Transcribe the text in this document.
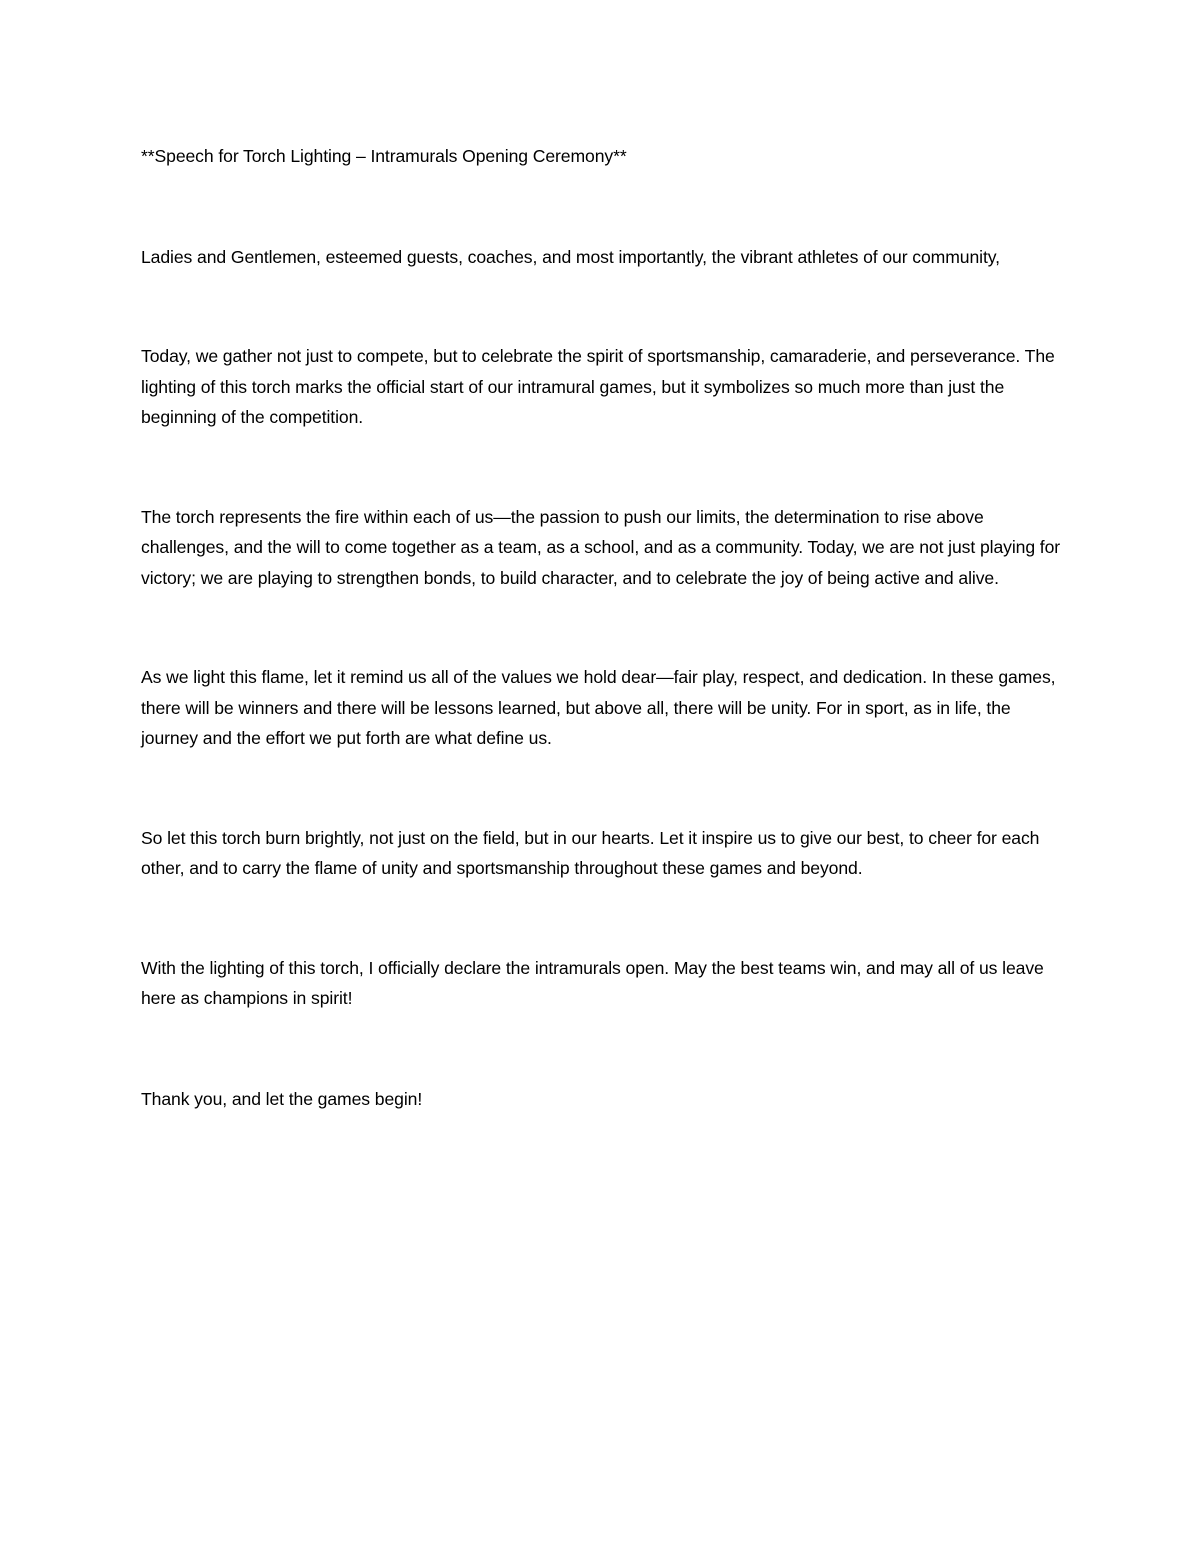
**Speech for Torch Lighting – Intramurals Opening Ceremony**

Ladies and Gentlemen, esteemed guests, coaches, and most importantly, the vibrant athletes of our community,

Today, we gather not just to compete, but to celebrate the spirit of sportsmanship, camaraderie, and perseverance. The lighting of this torch marks the official start of our intramural games, but it symbolizes so much more than just the beginning of the competition.

The torch represents the fire within each of us—the passion to push our limits, the determination to rise above challenges, and the will to come together as a team, as a school, and as a community. Today, we are not just playing for victory; we are playing to strengthen bonds, to build character, and to celebrate the joy of being active and alive.

As we light this flame, let it remind us all of the values we hold dear—fair play, respect, and dedication. In these games, there will be winners and there will be lessons learned, but above all, there will be unity. For in sport, as in life, the journey and the effort we put forth are what define us.

So let this torch burn brightly, not just on the field, but in our hearts. Let it inspire us to give our best, to cheer for each other, and to carry the flame of unity and sportsmanship throughout these games and beyond.

With the lighting of this torch, I officially declare the intramurals open. May the best teams win, and may all of us leave here as champions in spirit!

Thank you, and let the games begin!
